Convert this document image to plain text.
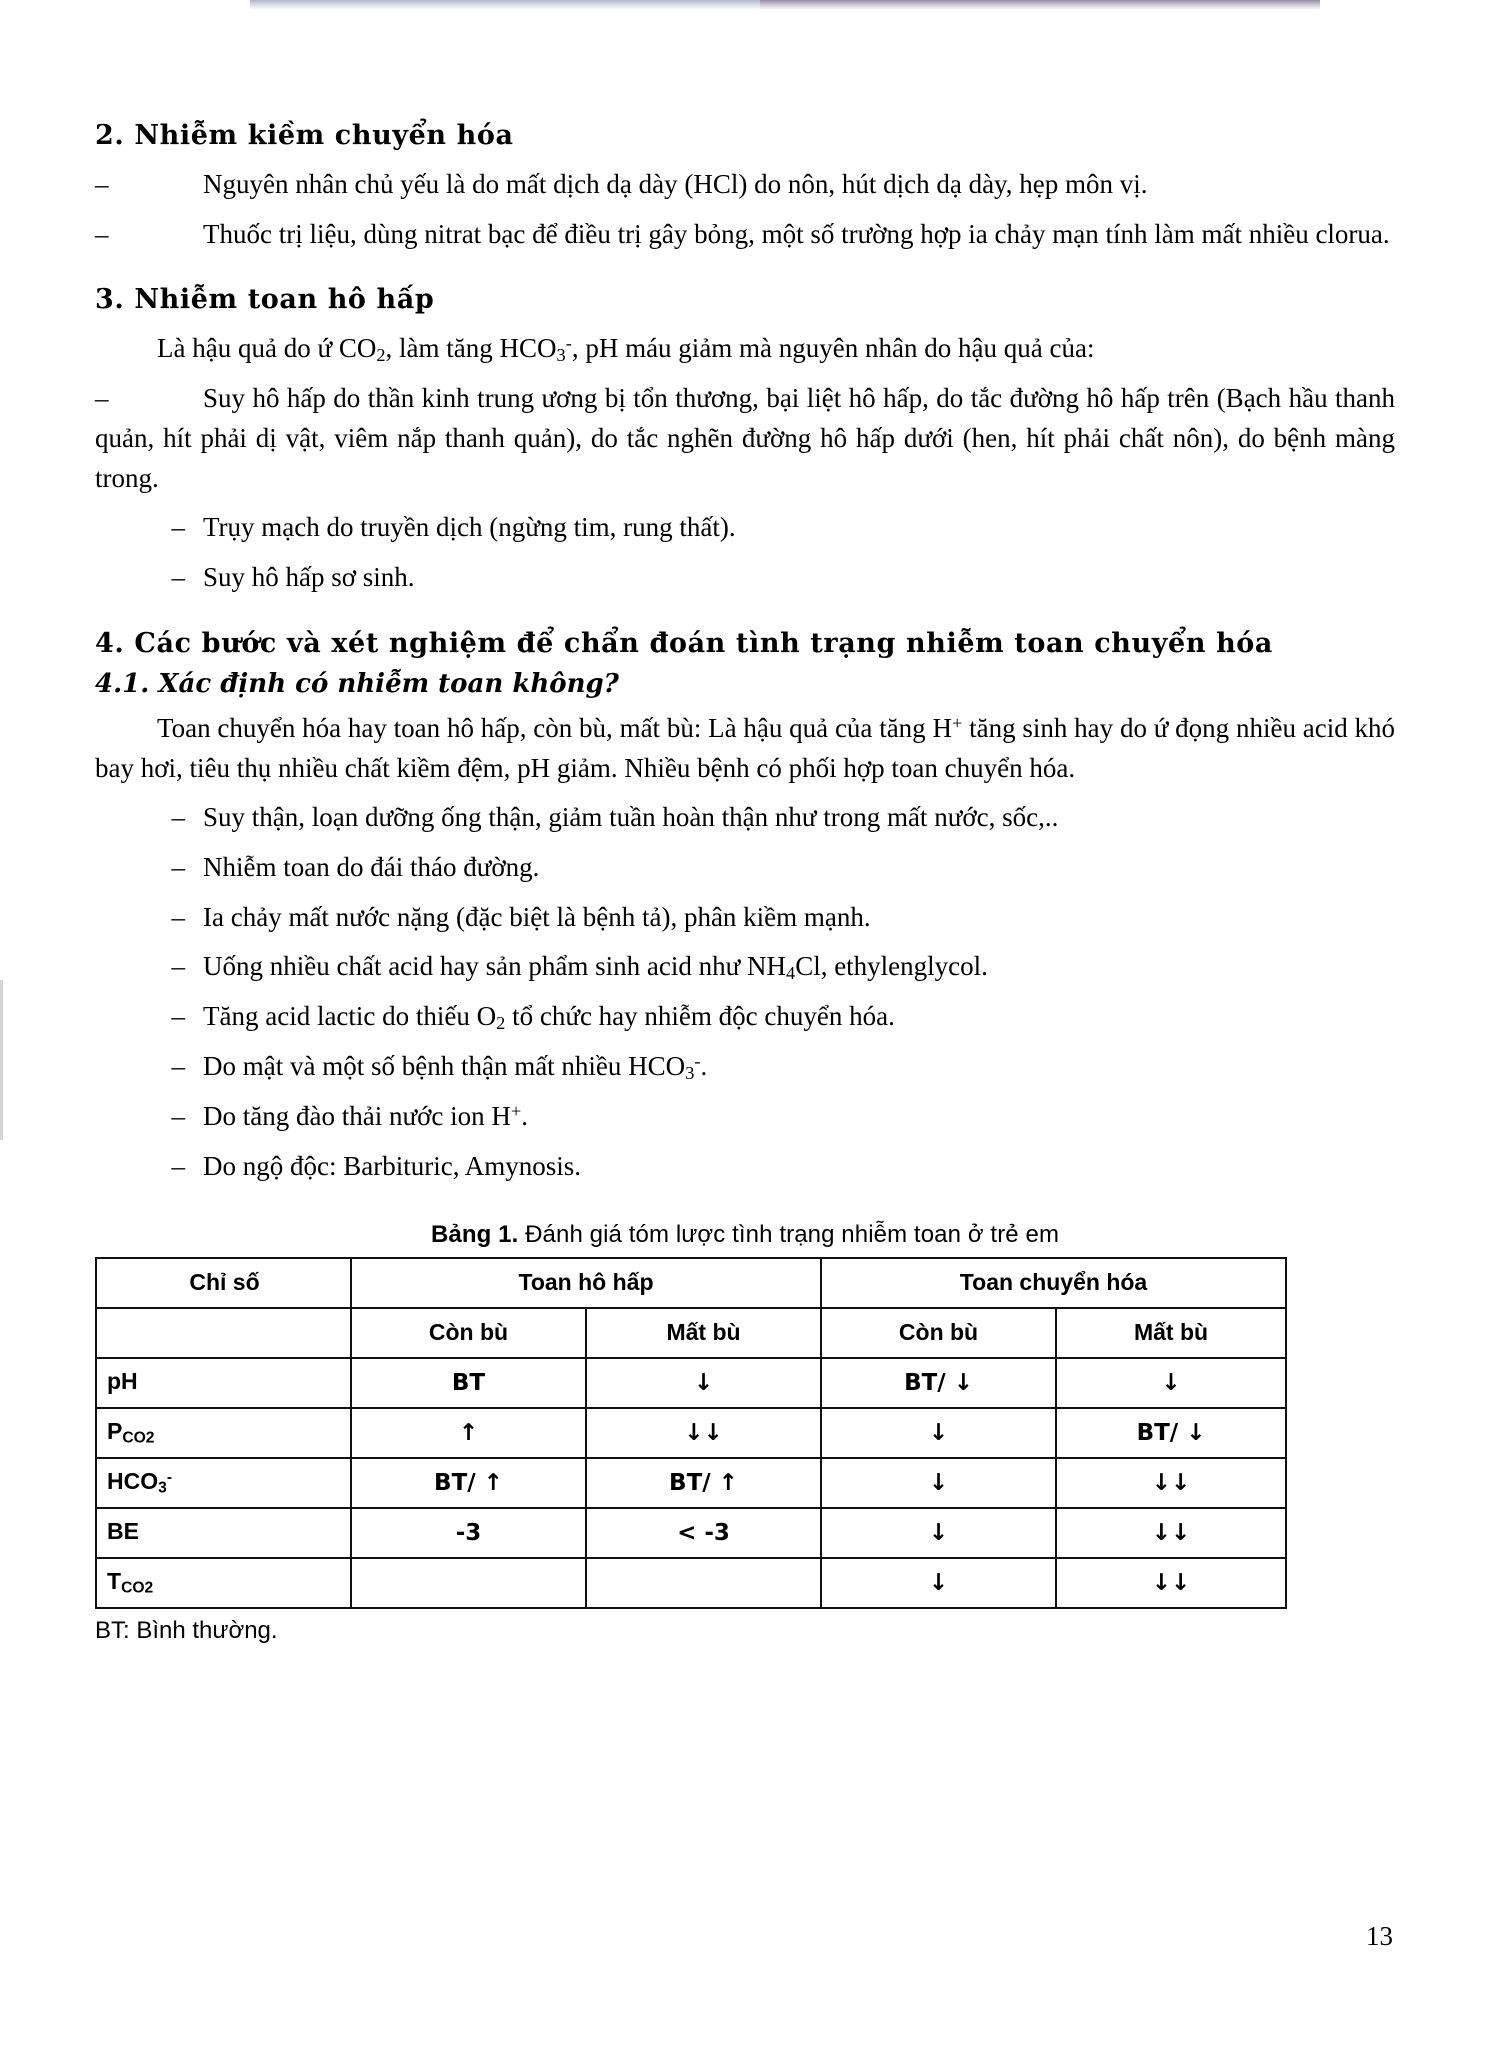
2. Nhiễm kiềm chuyển hóa
–	Nguyên nhân chủ yếu là do mất dịch dạ dày (HCl) do nôn, hút dịch dạ dày, hẹp môn vị.
–	Thuốc trị liệu, dùng nitrat bạc để điều trị gây bỏng, một số trường hợp ia chảy mạn tính làm mất nhiều clorua.
3. Nhiễm toan hô hấp

Là hậu quả do ứ $CO_2$, làm tăng $HCO_3^-$, pH máu giảm mà nguyên nhân do hậu quả của:

–	Suy hô hấp do thần kinh trung ương bị tổn thương, bại liệt hô hấp, do tắc đường hô hấp trên (Bạch hầu thanh quản, hít phải dị vật, viêm nắp thanh quản), do tắc nghẽn đường hô hấp dưới (hen, hít phải chất nôn), do bệnh màng trong.
– Trụy mạch do truyền dịch (ngừng tim, rung thất).
– Suy hô hấp sơ sinh.
4. Các bước và xét nghiệm để chẩn đoán tình trạng nhiễm toan chuyển hóa
4.1. Xác định có nhiễm toan không?

Toan chuyển hóa hay toan hô hấp, còn bù, mất bù: Là hậu quả của tăng H+ tăng sinh hay do ứ đọng nhiều acid khó bay hơi, tiêu thụ nhiều chất kiềm đệm, pH giảm. Nhiều bệnh có phối hợp toan chuyển hóa.

– Suy thận, loạn dưỡng ống thận, giảm tuần hoàn thận như trong mất nước, sốc,..
– Nhiễm toan do đái tháo đường.
– Ia chảy mất nước nặng (đặc biệt là bệnh tả), phân kiềm mạnh.
– Uống nhiều chất acid hay sản phẩm sinh acid như $NH_4Cl$, ethylenglycol.
– Tăng acid lactic do thiếu $O_2$ tổ chức hay nhiễm độc chuyển hóa.
– Do mật và một số bệnh thận mất nhiều $HCO_3^-$.
– Do tăng đào thải nước ion H+.
– Do ngộ độc: Barbituric, Amynosis.
Bảng 1. Đánh giá tóm lược tình trạng nhiễm toan ở trẻ em
Chỉ số	Toan hô hấp		Toan chuyển hóa	
	Còn bù	Mất bù	Còn bù	Mất bù
pH	BT	↓	BT/ ↓	↓
$P_{CO2}$	↑	↓↓	↓	BT/ ↓
$HCO_3^-$	BT/ ↑	BT/ ↑	↓	↓↓
BE	-3	< -3	↓	↓↓
$T_{CO2}$			↓	↓↓
BT: Bình thường.
13
